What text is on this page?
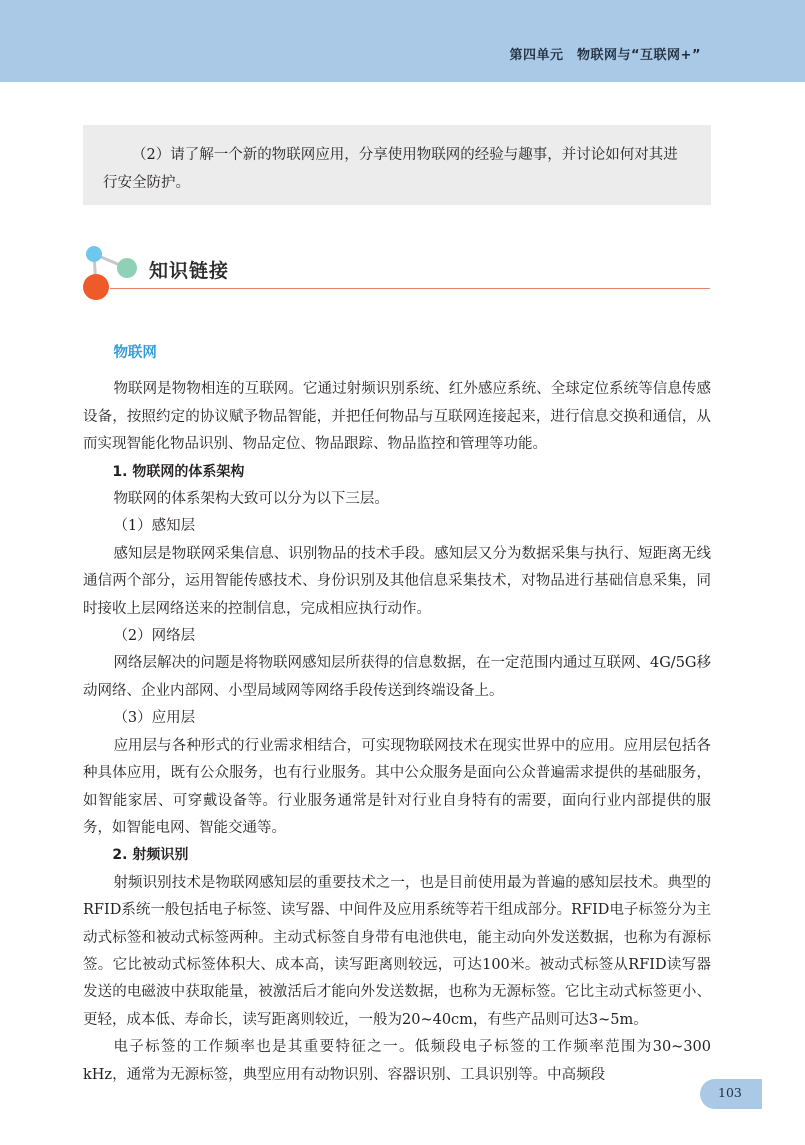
第四单元　物联网与“互联网+”
（2）请了解一个新的物联网应用，分享使用物联网的经验与趣事，并讨论如何对其进行安全防护。
知识链接

物联网

物联网是物物相连的互联网。它通过射频识别系统、红外感应系统、全球定位系统等信息传感设备，按照约定的协议赋予物品智能，并把任何物品与互联网连接起来，进行信息交换和通信，从而实现智能化物品识别、物品定位、物品跟踪、物品监控和管理等功能。

1. 物联网的体系架构

物联网的体系架构大致可以分为以下三层。

（1）感知层

感知层是物联网采集信息、识别物品的技术手段。感知层又分为数据采集与执行、短距离无线通信两个部分，运用智能传感技术、身份识别及其他信息采集技术，对物品进行基础信息采集，同时接收上层网络送来的控制信息，完成相应执行动作。

（2）网络层

网络层解决的问题是将物联网感知层所获得的信息数据，在一定范围内通过互联网、4G/5G移动网络、企业内部网、小型局域网等网络手段传送到终端设备上。

（3）应用层

应用层与各种形式的行业需求相结合，可实现物联网技术在现实世界中的应用。应用层包括各种具体应用，既有公众服务，也有行业服务。其中公众服务是面向公众普遍需求提供的基础服务，如智能家居、可穿戴设备等。行业服务通常是针对行业自身特有的需要，面向行业内部提供的服务，如智能电网、智能交通等。

2. 射频识别

射频识别技术是物联网感知层的重要技术之一，也是目前使用最为普遍的感知层技术。典型的RFID系统一般包括电子标签、读写器、中间件及应用系统等若干组成部分。RFID电子标签分为主动式标签和被动式标签两种。主动式标签自身带有电池供电，能主动向外发送数据，也称为有源标签。它比被动式标签体积大、成本高，读写距离则较远，可达100米。被动式标签从RFID读写器发送的电磁波中获取能量，被激活后才能向外发送数据，也称为无源标签。它比主动式标签更小、更轻，成本低、寿命长，读写距离则较近，一般为20~40cm，有些产品则可达3~5m。

电子标签的工作频率也是其重要特征之一。低频段电子标签的工作频率范围为30~300 kHz，通常为无源标签，典型应用有动物识别、容器识别、工具识别等。中高频段

103
